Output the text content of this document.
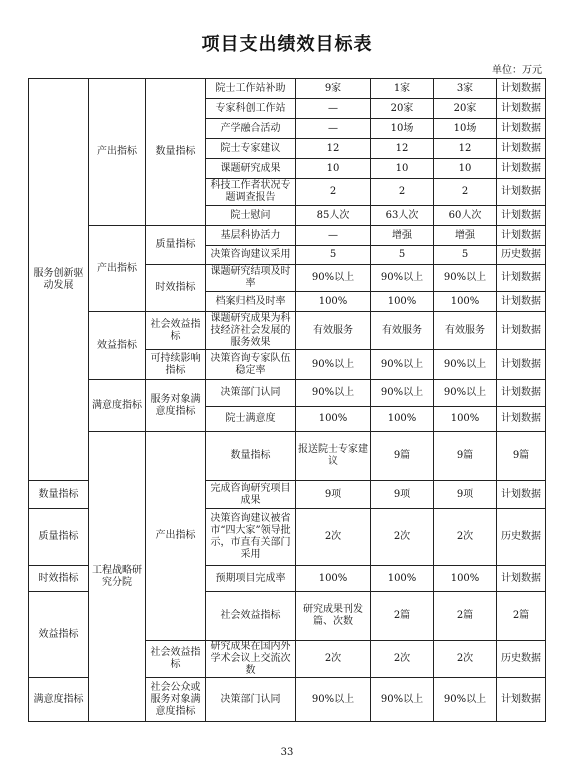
项目支出绩效目标表
单位：万元
服务创新驱动发展	产出指标	数量指标	院士工作站补助	9家	1家	3家	计划数据	
			专家科创工作站	—	20家	20家	计划数据	
			产学融合活动	—	10场	10场	计划数据	
			院士专家建议	12	12	12	计划数据	
			课题研究成果	10	10	10	计划数据	
			科技工作者状况专题调查报告	2	2	2	计划数据	
			院士慰问	85人次	63人次	60人次	计划数据	
	产出指标	质量指标	基层科协活力	—	增强	增强	计划数据	
			决策咨询建议采用	5	5	5	历史数据	
		时效指标	课题研究结项及时率	90%以上	90%以上	90%以上	计划数据	
			档案归档及时率	100%	100%	100%	计划数据	
	效益指标	社会效益指标	课题研究成果为科技经济社会发展的服务效果	有效服务	有效服务	有效服务	计划数据	
		可持续影响指标	决策咨询专家队伍稳定率	90%以上	90%以上	90%以上	计划数据	
	满意度指标	服务对象满意度指标	决策部门认同	90%以上	90%以上	90%以上	计划数据	
			院士满意度	100%	100%	100%	计划数据	
	工程战略研究分院	产出指标	数量指标	报送院士专家建议	9篇	9篇	9篇	
数量指标			完成咨询研究项目成果	9项	9项	9项	计划数据	
质量指标			决策咨询建议被省市“四大家”领导批示，市直有关部门采用	2次	2次	2次	历史数据	
时效指标			预期项目完成率	100%	100%	100%	计划数据	
效益指标			社会效益指标	研究成果刊发篇、次数	2篇	2篇	2篇	
		社会效益指标	研究成果在国内外学术会议上交流次数	2次	2次	2次	历史数据	
满意度指标		社会公众或服务对象满意度指标	决策部门认同	90%以上	90%以上	90%以上	计划数据	
33
